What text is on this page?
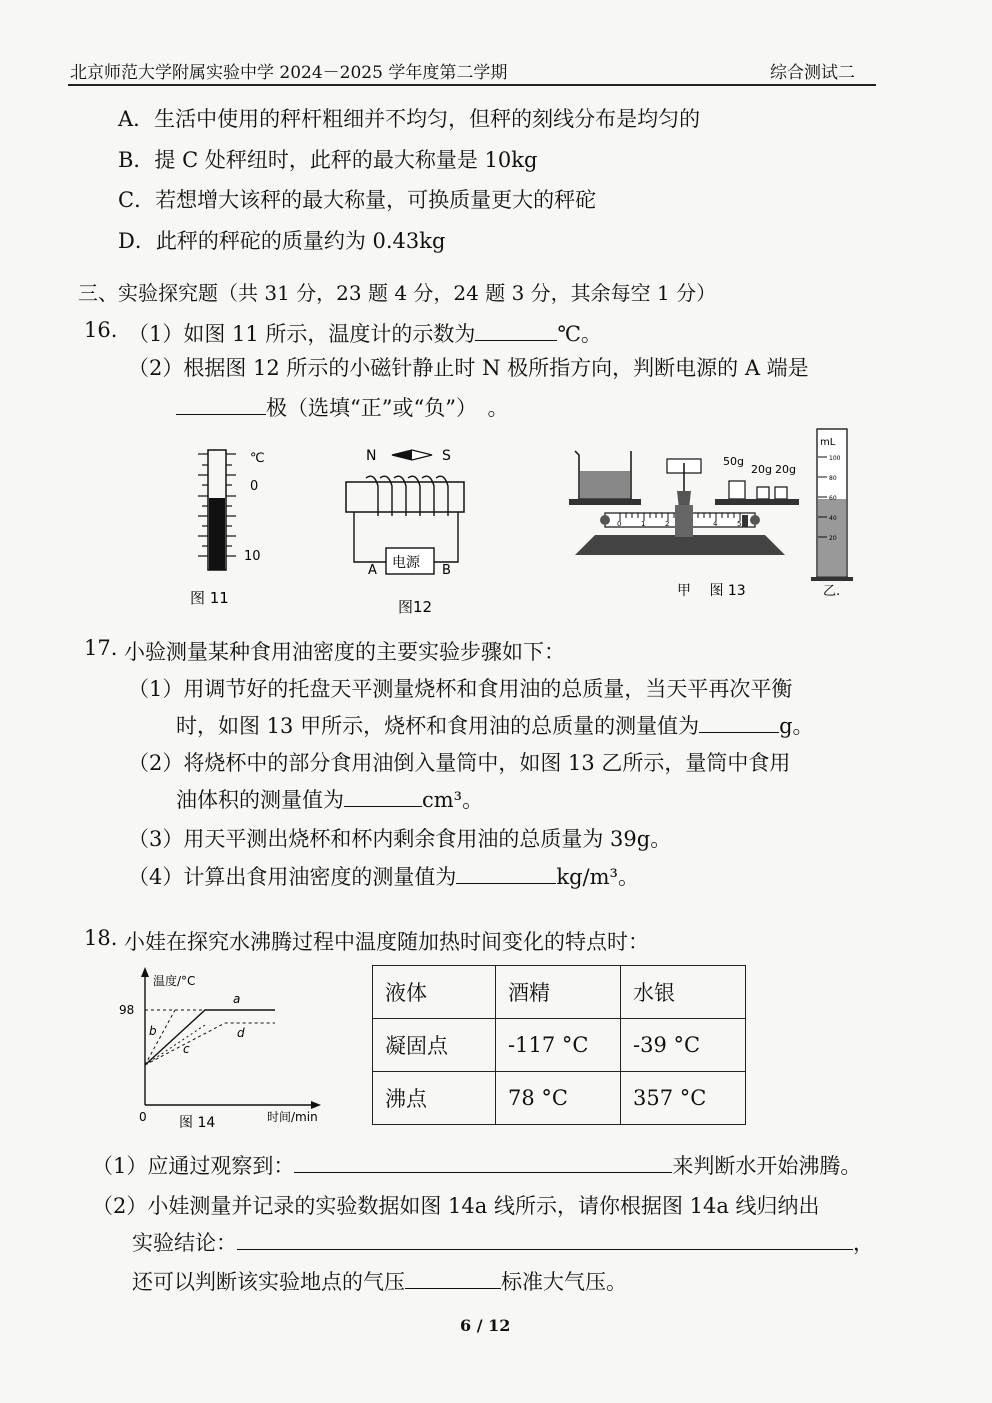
北京师范大学附属实验中学 2024－2025 学年度第二学期	综合测试二
A．生活中使用的秤杆粗细并不均匀，但秤的刻线分布是均匀的
B．提 C 处秤纽时，此秤的最大称量是 10kg
C．若想增大该秤的最大称量，可换质量更大的秤砣
D．此秤的秤砣的质量约为 0.43kg
三、实验探究题（共 31 分，23 题 4 分，24 题 3 分，其余每空 1 分）
16. （1）如图 11 所示，温度计的示数为	℃。
（2）根据图 12 所示的小磁针静止时 N 极所指方向，判断电源的 A 端是
极（选填“正”或“负”）　。
℃
0
10
图 11
N	S
电源
A	B
图12
50g
20g 20g
0	1	2	4	5
甲　 图 13
mL
100
80
60
40
20
乙.
17. 小验测量某种食用油密度的主要实验步骤如下：
（1）用调节好的托盘天平测量烧杯和食用油的总质量，当天平再次平衡
时，如图 13 甲所示，烧杯和食用油的总质量的测量值为	g。
（2）将烧杯中的部分食用油倒入量筒中，如图 13 乙所示，量筒中食用
油体积的测量值为	cm³。
（3）用天平测出烧杯和杯内剩余食用油的总质量为 39g。
（4）计算出食用油密度的测量值为	kg/m³。
18. 小娃在探究水沸腾过程中温度随加热时间变化的特点时：
温度/°C
时间/min
98
0
a
b
c
d
图 14
液体	酒精	水银
凝固点	-117 °C	-39 °C
沸点	78 °C	357 °C
（1）应通过观察到：	来判断水开始沸腾。
（2）小娃测量并记录的实验数据如图 14a 线所示，请你根据图 14a 线归纳出
实验结论：	，
还可以判断该实验地点的气压	标准大气压。
6 / 12
